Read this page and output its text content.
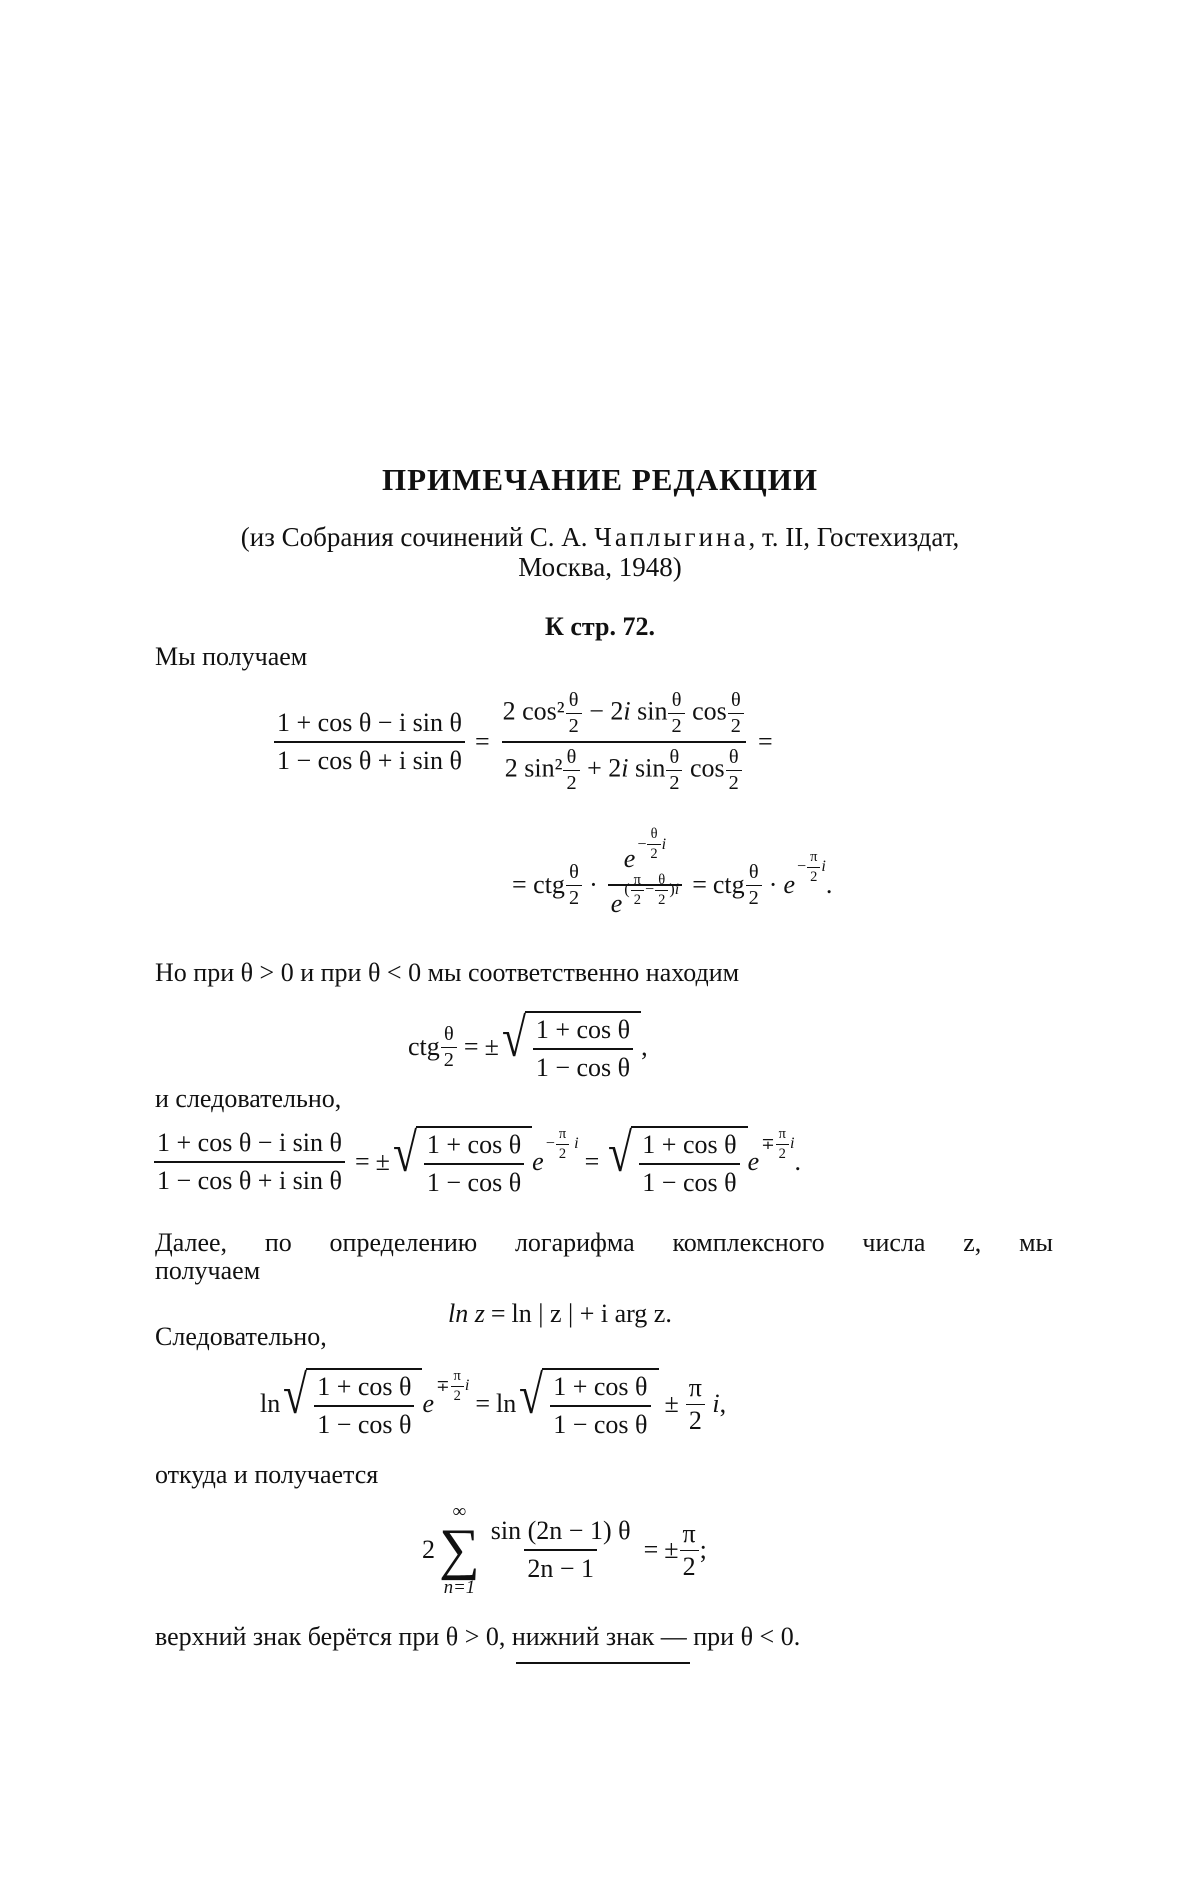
ПРИМЕЧАНИЕ РЕДАКЦИИ
(из Собрания сочинений С. А. Чаплыгина, т. II, Гостехиздат,
Москва, 1948)
К стр. 72.
Мы получаем
$\frac{\text{1 + cos θ − i sin θ}}{\text{1 − cos θ + i sin θ}} = \frac{2 \cos^2 \frac{\theta}{2} - 2i \sin \frac{\theta}{2} \cos \frac{\theta}{2}}{2 \sin^2 \frac{\theta}{2} + 2i \sin \frac{\theta}{2} \cos \frac{\theta}{2}}$ =
=
ctg $\frac{\theta}{2} \cdot \frac{e - \frac{\theta}{2} i}{e ( \frac{\pi}{2} - \frac{\theta}{2} ) i}$ = ctg $\frac{\theta}{2} \cdot e$
− $\frac{\pi}{2}$ i
.
Но при θ > 0 и при θ < 0 мы соответственно находим
ctg $\frac{\theta}{2}$ = ± √ $\frac{\text{1 + cos θ}}{\text{1 − cos θ}}$ ,
и следовательно,
$\frac{\text{1 + cos θ − i sin θ}}{\text{1 − cos θ + i sin θ}}$ = ± √ $\frac{\text{1 + cos θ}}{\text{1 − cos θ}}$ e
− $\frac{\pi}{2}$
i
= √ $\frac{\text{1 + cos θ}}{\text{1 − cos θ}}$ e
∓ $\frac{\pi}{2}$ i
.
Далее, по определению логарифма комплексного числа z, мы
получаем
ln z = ln | z | + i arg z.
Следовательно,
ln √ $\frac{\text{1 + cos θ}}{\text{1 − cos θ}}$ e
∓ $\frac{\pi}{2}$ i
= ln √ $\frac{\text{1 + cos θ}}{\text{1 − cos θ}} \pm \frac{\pi}{2}$
i ,
откуда и получается
2
∞
∑
n=1
$\frac{\sin (2n - 1) \theta}{2n - 1}$ = ± $\frac{\pi}{2}$ ;
верхний знак берётся при θ > 0, нижний знак — при θ < 0.
